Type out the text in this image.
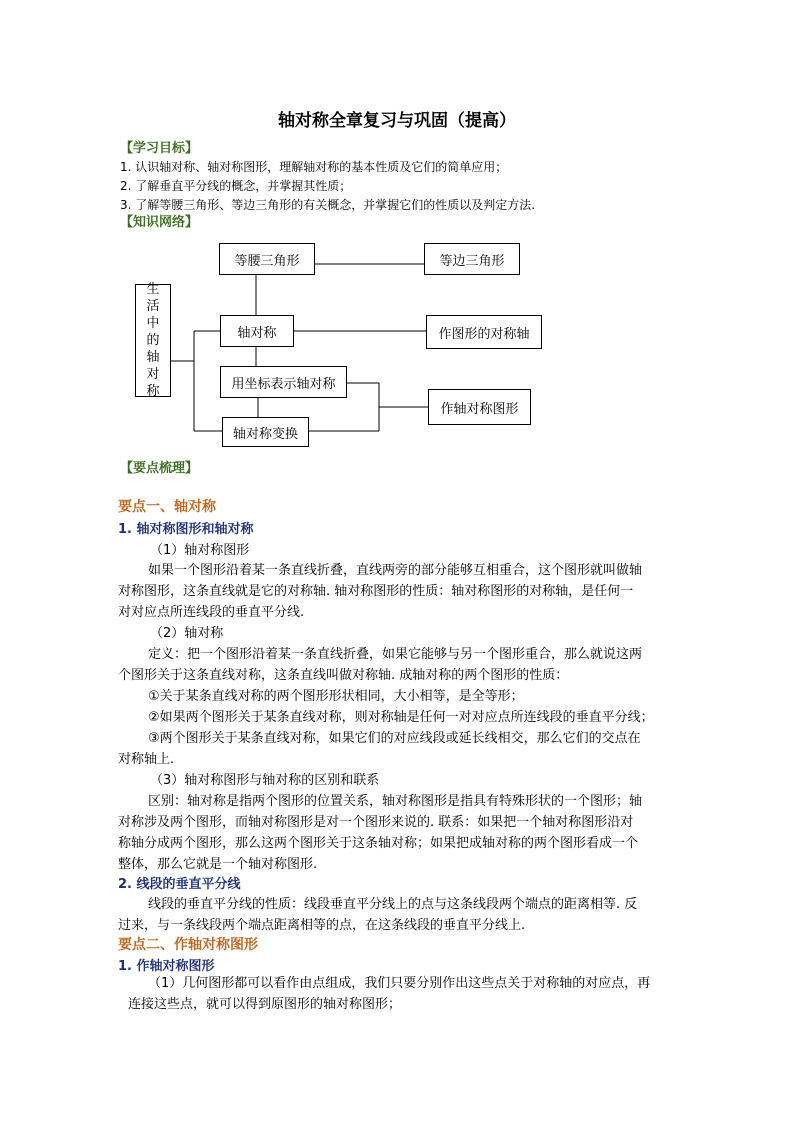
轴对称全章复习与巩固（提高）
【学习目标】
1. 认识轴对称、轴对称图形，理解轴对称的基本性质及它们的简单应用；
2. 了解垂直平分线的概念，并掌握其性质；
3. 了解等腰三角形、等边三角形的有关概念，并掌握它们的性质以及判定方法.
【知识网络】
生
活
中
的
轴
对
称
等腰三角形	等边三角形
轴对称	作图形的对称轴
用坐标表示轴对称
作轴对称图形
轴对称变换
【要点梳理】
要点一、轴对称
1. 轴对称图形和轴对称
（1）轴对称图形
如果一个图形沿着某一条直线折叠，直线两旁的部分能够互相重合，这个图形就叫做轴
对称图形，这条直线就是它的对称轴. 轴对称图形的性质：轴对称图形的对称轴，是任何一
对对应点所连线段的垂直平分线.
（2）轴对称
定义：把一个图形沿着某一条直线折叠，如果它能够与另一个图形重合，那么就说这两
个图形关于这条直线对称，这条直线叫做对称轴. 成轴对称的两个图形的性质：
①关于某条直线对称的两个图形形状相同，大小相等，是全等形；
②如果两个图形关于某条直线对称，则对称轴是任何一对对应点所连线段的垂直平分线；
③两个图形关于某条直线对称，如果它们的对应线段或延长线相交，那么它们的交点在
对称轴上.
（3）轴对称图形与轴对称的区别和联系
区别：轴对称是指两个图形的位置关系，轴对称图形是指具有特殊形状的一个图形；轴
对称涉及两个图形，而轴对称图形是对一个图形来说的. 联系：如果把一个轴对称图形沿对
称轴分成两个图形，那么这两个图形关于这条轴对称；如果把成轴对称的两个图形看成一个
整体，那么它就是一个轴对称图形.
2. 线段的垂直平分线
线段的垂直平分线的性质：线段垂直平分线上的点与这条线段两个端点的距离相等. 反
过来，与一条线段两个端点距离相等的点，在这条线段的垂直平分线上.
要点二、作轴对称图形
1. 作轴对称图形
（1）几何图形都可以看作由点组成，我们只要分别作出这些点关于对称轴的对应点，再
连接这些点，就可以得到原图形的轴对称图形；
